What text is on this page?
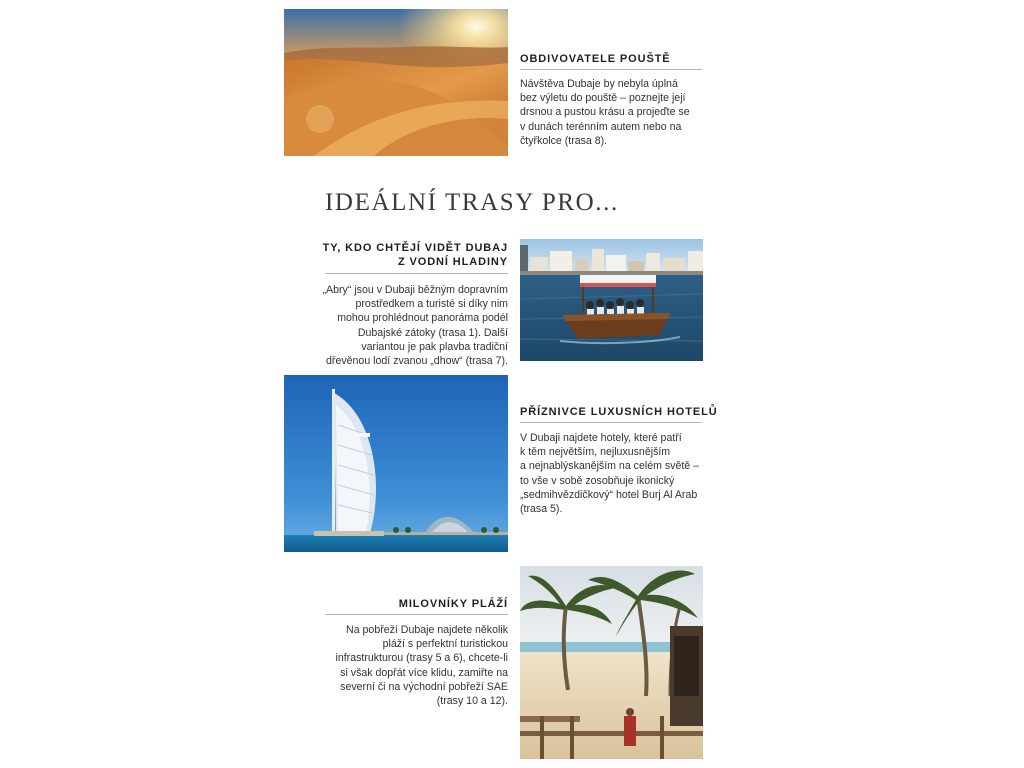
OBDIVOVATELE POUŠTĚ
Návštěva Dubaje by nebyla úplná
bez výletu do pouště – poznejte její
drsnou a pustou krásu a projeďte se
v dunách terénním autem nebo na
čtyřkolce (trasa 8).
IDEÁLNÍ TRASY PRO...
TY, KDO CHTĚJÍ VIDĚT DUBAJ
Z VODNÍ HLADINY
„Abry“ jsou v Dubaji běžným dopravním
prostředkem a turisté si díky nim
mohou prohlédnout panoráma podél
Dubajské zátoky (trasa 1). Další
variantou je pak plavba tradiční
dřevěnou lodí zvanou „dhow“ (trasa 7).
PŘÍZNIVCE LUXUSNÍCH HOTELŮ
V Dubaji najdete hotely, které patří
k těm největším, nejluxusnějším
a nejnablýskanějším na celém světě –
to vše v sobě zosobňuje ikonický
„sedmihvězdičkový“ hotel Burj Al Arab
(trasa 5).
MILOVNÍKY PLÁŽÍ
Na pobřeží Dubaje najdete několik
pláží s perfektní turistickou
infrastrukturou (trasy 5 a 6), chcete-li
si však dopřát více klidu, zamiřte na
severní či na východní pobřeží SAE
(trasy 10 a 12).
